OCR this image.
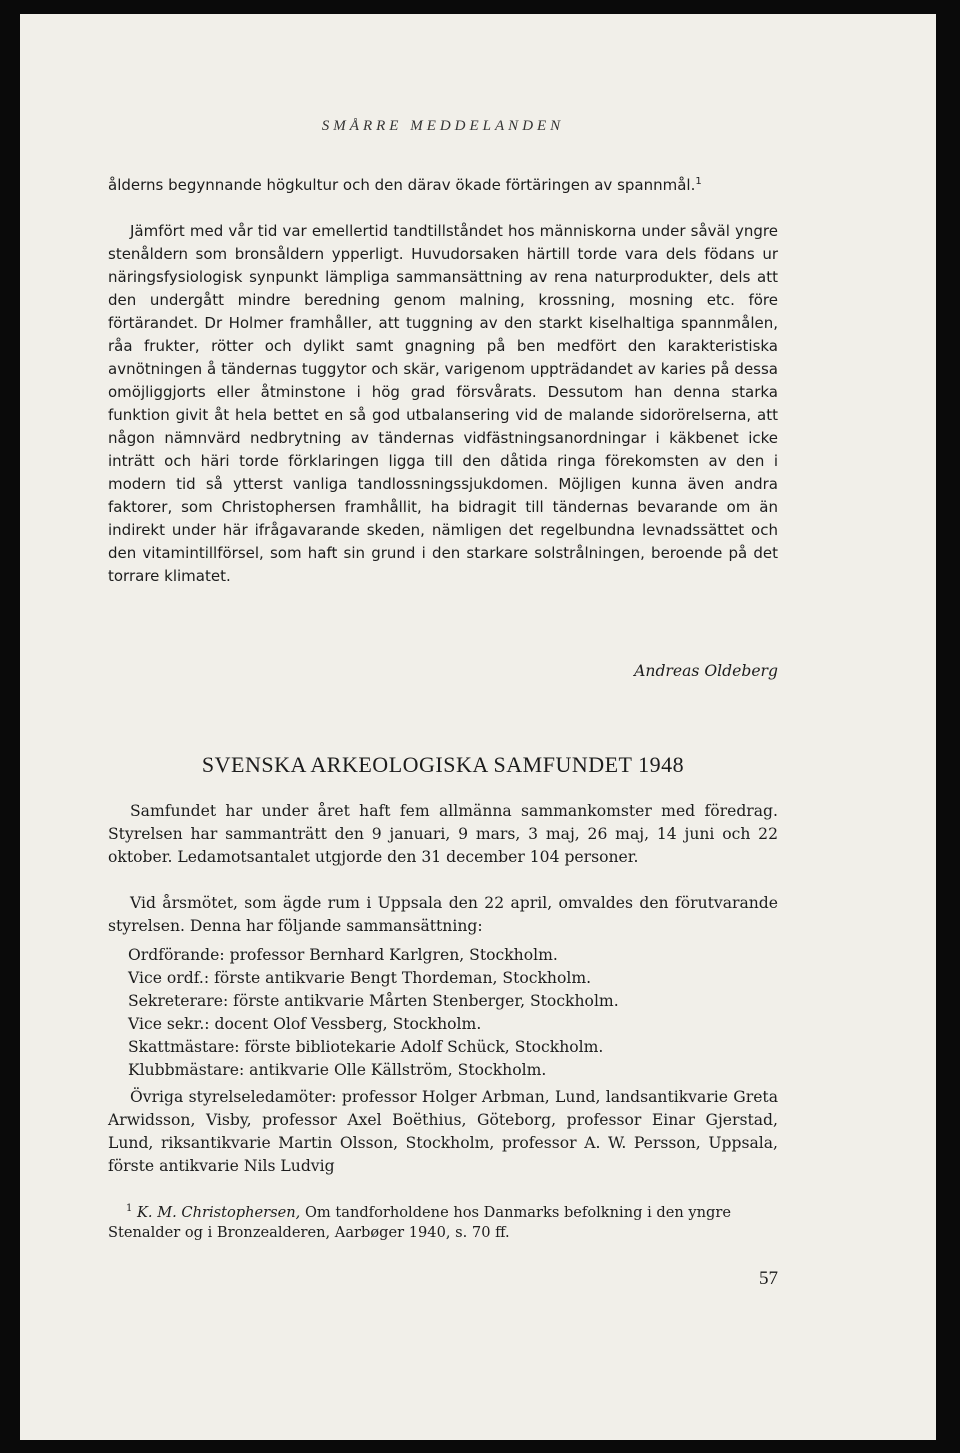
SMÅRRE MEDDELANDEN

ålderns begynnande högkultur och den därav ökade förtäringen av spannmål.$^1$

Jämfört med vår tid var emellertid tandtillståndet hos människorna under såväl yngre stenåldern som bronsåldern ypperligt. Huvudorsaken härtill torde vara dels födans ur näringsfysiologisk synpunkt lämpliga sammansättning av rena naturprodukter, dels att den undergått mindre beredning genom malning, krossning, mosning etc. före förtärandet. Dr Holmer framhåller, att tuggning av den starkt kiselhaltiga spannmålen, råa frukter, rötter och dylikt samt gnagning på ben medfört den karakteristiska avnötningen å tändernas tuggytor och skär, varigenom uppträdandet av karies på dessa omöjliggjorts eller åtminstone i hög grad försvårats. Dessutom han denna starka funktion givit åt hela bettet en så god utbalansering vid de malande sidorörelserna, att någon nämnvärd nedbrytning av tändernas vidfästningsanordningar i käkbenet icke inträtt och häri torde förklaringen ligga till den dåtida ringa förekomsten av den i modern tid så ytterst vanliga tandlossningssjukdomen. Möjligen kunna även andra faktorer, som Christophersen framhållit, ha bidragit till tändernas bevarande om än indirekt under här ifrågavarande skeden, nämligen det regelbundna levnadssättet och den vitamintillförsel, som haft sin grund i den starkare solstrålningen, beroende på det torrare klimatet.

Andreas Oldeberg
SVENSKA ARKEOLOGISKA SAMFUNDET 1948

Samfundet har under året haft fem allmänna sammankomster med föredrag. Styrelsen har sammanträtt den 9 januari, 9 mars, 3 maj, 26 maj, 14 juni och 22 oktober. Ledamotsantalet utgjorde den 31 december 104 personer.

Vid årsmötet, som ägde rum i Uppsala den 22 april, omvaldes den förutvarande styrelsen. Denna har följande sammansättning:

Ordförande: professor Bernhard Karlgren, Stockholm.
Vice ordf.: förste antikvarie Bengt Thordeman, Stockholm.
Sekreterare: förste antikvarie Mårten Stenberger, Stockholm.
Vice sekr.: docent Olof Vessberg, Stockholm.
Skattmästare: förste bibliotekarie Adolf Schück, Stockholm.
Klubbmästare: antikvarie Olle Källström, Stockholm.

Övriga styrelseledamöter: professor Holger Arbman, Lund, landsantikvarie Greta Arwidsson, Visby, professor Axel Boëthius, Göteborg, professor Einar Gjerstad, Lund, riksantikvarie Martin Olsson, Stockholm, professor A. W. Persson, Uppsala, förste antikvarie Nils Ludvig

$^1$ K. M. Christophersen, Om tandforholdene hos Danmarks befolkning i den yngre Stenalder og i Bronzealderen, Aarbøger 1940, s. 70 ff.

57
